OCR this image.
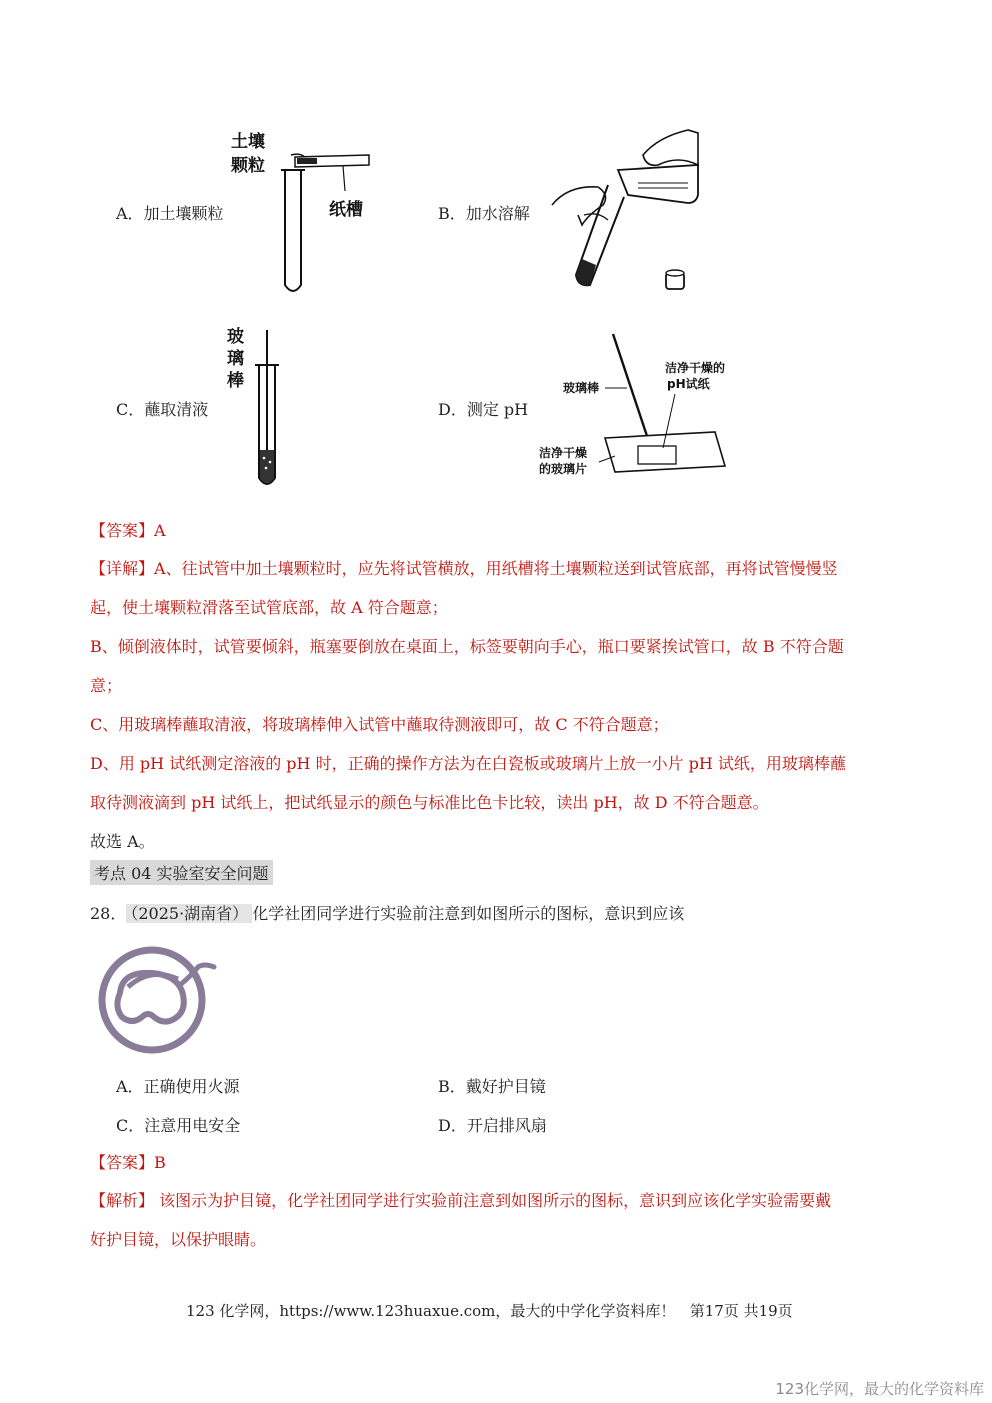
A．加土壤颗粒	B．加水溶解
C．蘸取清液	D．测定 pH
土壤
颗粒
纸槽
玻
璃
棒	玻璃棒
洁净干燥的
pH试纸
洁净干燥
的玻璃片
【答案】A
【详解】A、往试管中加土壤颗粒时，应先将试管横放，用纸槽将土壤颗粒送到试管底部，再将试管慢慢竖
起，使土壤颗粒滑落至试管底部，故 A 符合题意；
B、倾倒液体时，试管要倾斜，瓶塞要倒放在桌面上，标签要朝向手心，瓶口要紧挨试管口，故 B 不符合题
意；
C、用玻璃棒蘸取清液，将玻璃棒伸入试管中蘸取待测液即可，故 C 不符合题意；
D、用 pH 试纸测定溶液的 pH 时，正确的操作方法为在白瓷板或玻璃片上放一小片 pH 试纸，用玻璃棒蘸
取待测液滴到 pH 试纸上，把试纸显示的颜色与标准比色卡比较，读出 pH，故 D 不符合题意。
故选 A。
考点 04 实验室安全问题
28． （2025·湖南省） 化学社团同学进行实验前注意到如图所示的图标，意识到应该
A．正确使用火源	B．戴好护目镜
C．注意用电安全	D．开启排风扇
【答案】B
【解析】 该图示为护目镜，化学社团同学进行实验前注意到如图所示的图标，意识到应该化学实验需要戴
好护目镜，以保护眼睛。
123 化学网，https://www.123huaxue.com，最大的中学化学资料库！ 第17页 共19页
123化学网，最大的化学资料库
